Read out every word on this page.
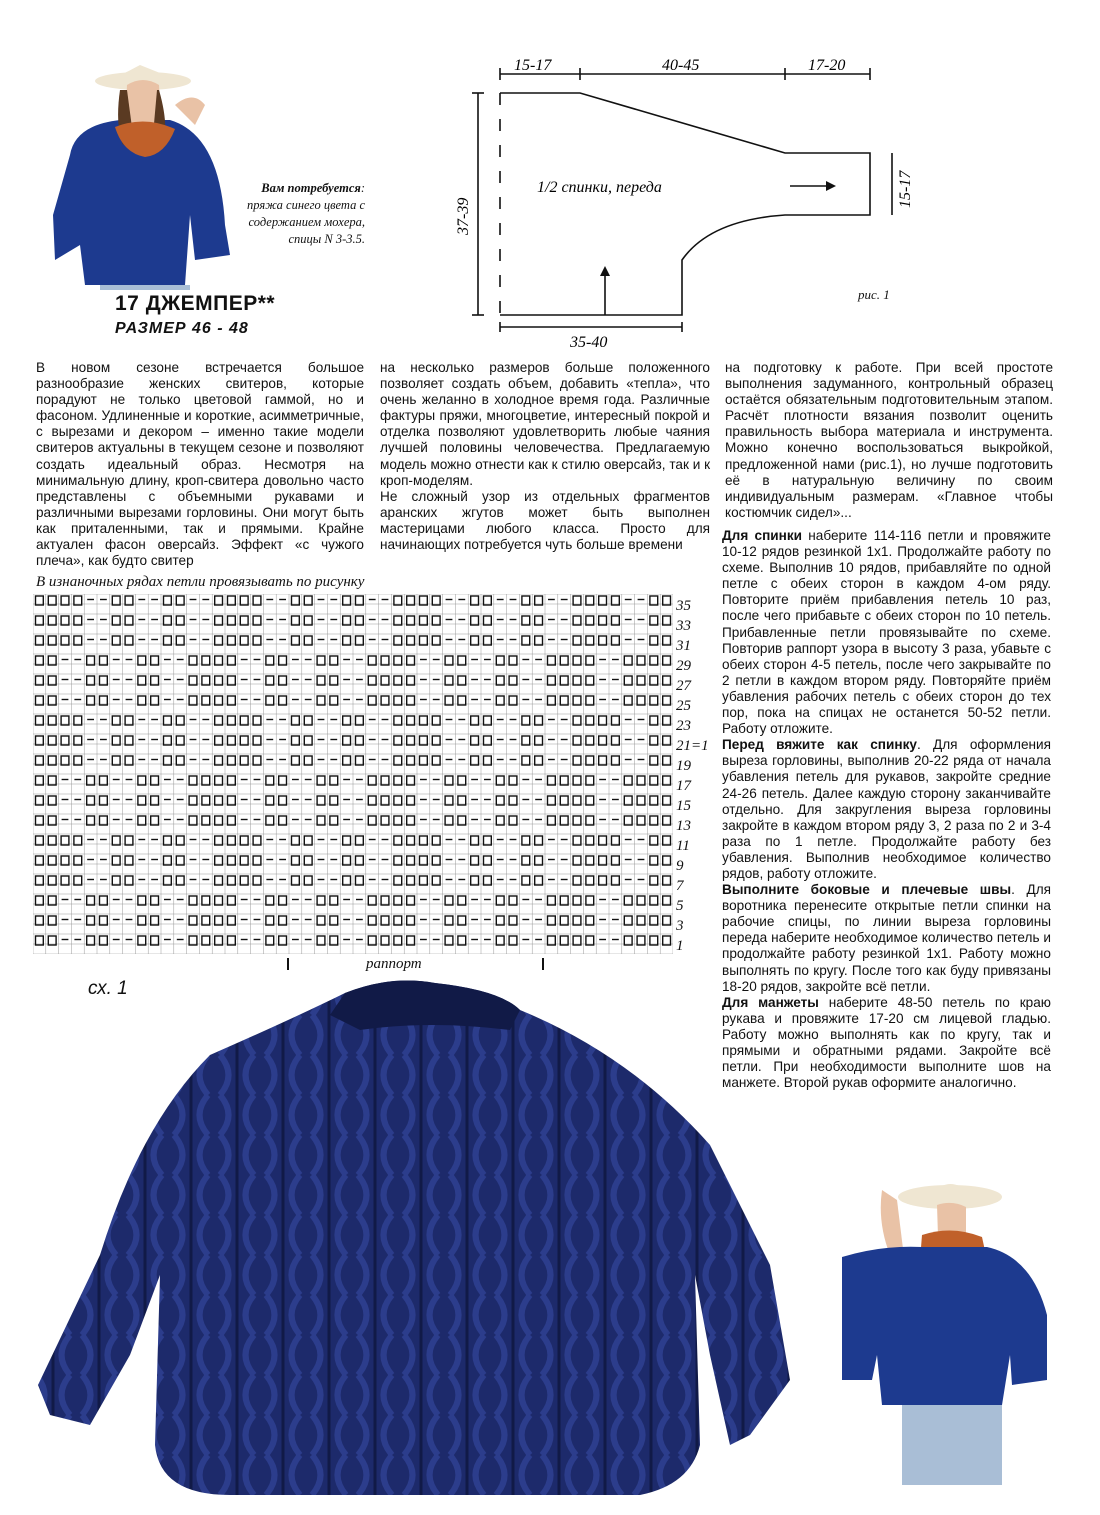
17 ДЖЕМПЕР**
РАЗМЕР 46 - 48
Вам потребуется:
пряжа синего цвета с
содержанием мохера,
спицы N 3-3.5.
15-17	40-45	17-20
1/2 спинки, переда
35-40
37-39
15-17
рис. 1

В новом сезоне встречается большое разнообразие женских свитеров, которые порадуют не только цветовой гаммой, но и фасоном. Удлиненные и короткие, асимметричные, с вырезами и декором – именно такие модели свитеров актуальны в текущем сезоне и позволяют создать идеальный образ. Несмотря на минимальную длину, кроп-свитера довольно часто представлены с объемными рукавами и различными вырезами горловины. Они могут быть как приталенными, так и прямыми. Крайне актуален фасон оверсайз. Эффект «с чужого плеча», как будто свитер

на несколько размеров больше положенного позволяет создать объем, добавить «тепла», что очень желанно в холодное время года. Различные фактуры пряжи, многоцветие, интересный покрой и отделка позволяют удовлетворить любые чаяния лучшей половины человечества. Предлагаемую модель можно отнести как к стилю оверсайз, так и к кроп-моделям.

Не сложный узор из отдельных фрагментов аранских жгутов может быть выполнен мастерицами любого класса. Просто для начинающих потребуется чуть больше времени

на подготовку к работе. При всей простоте выполнения задуманного, контрольный образец остаётся обязательным подготовительным этапом. Расчёт плотности вязания позволит оценить правильность выбора материала и инструмента. Можно конечно воспользоваться выкройкой, предложенной нами (рис.1), но лучше подготовить её в натуральную величину по своим индивидуальным размерам. «Главное чтобы костюмчик сидел»...

Для спинки наберите 114-116 петли и провяжите 10-12 рядов резинкой 1х1. Продолжайте работу по схеме. Выполнив 10 рядов, прибавляйте по одной петле с обеих сторон в каждом 4-ом ряду. Повторите приём прибавления петель 10 раз, после чего прибавьте с обеих сторон по 10 петель. Прибавленные петли провязывайте по схеме. Повторив раппорт узора в высоту 3 раза, убавьте с обеих сторон 4-5 петель, после чего закрывайте по 2 петли в каждом втором ряду. Повторяйте приём убавления рабочих петель с обеих сторон до тех пор, пока на спицах не останется 50-52 петли. Работу отложите.

Перед вяжите как спинку. Для оформления выреза горловины, выполнив 20-22 ряда от начала убавления петель для рукавов, закройте средние 24-26 петель. Далее каждую сторону заканчивайте отдельно. Для закругления выреза горловины закройте в каждом втором ряду 3, 2 раза по 2 и 3-4 раза по 1 петле. Продолжайте работу без убавления. Выполнив необходимое количество рядов, работу отложите.

Выполните боковые и плечевые швы. Для воротника перенесите открытые петли спинки на рабочие спицы, по линии выреза горловины переда наберите необходимое количество петель и продолжайте работу резинкой 1х1. Работу можно выполнять по кругу. После того как буду привязаны 18-20 рядов, закройте всё петли.

Для манжеты наберите 48-50 петель по краю рукава и провяжите 17-20 см лицевой гладью. Работу можно выполнять как по кругу, так и прямыми и обратными рядами. Закройте всё петли. При необходимости выполните шов на манжете. Второй рукав оформите аналогично.

В изнаночных рядах петли провязывать по рисунку
35
33
31
29
27
25
23
21=1
19
17
15
13
11
9
7
5
3
1
раппорт
сх. 1
